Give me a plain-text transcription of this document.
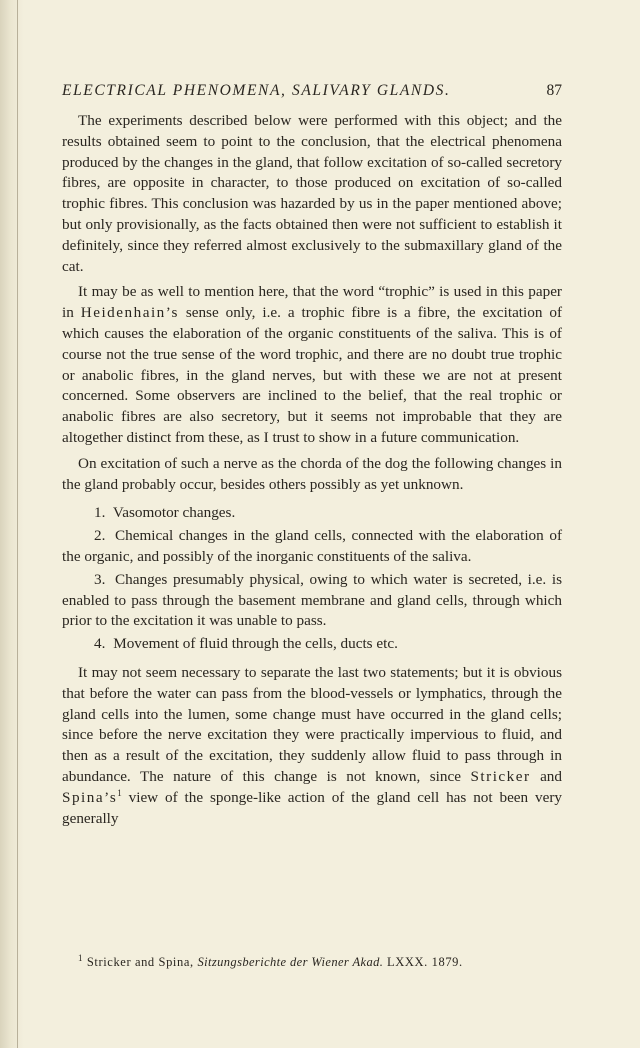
ELECTRICAL PHENOMENA, SALIVARY GLANDS.	87

The experiments described below were performed with this object; and the results obtained seem to point to the conclusion, that the electrical phenomena produced by the changes in the gland, that follow excitation of so-called secretory fibres, are opposite in character, to those produced on excitation of so-called trophic fibres. This conclusion was hazarded by us in the paper mentioned above; but only provisionally, as the facts obtained then were not sufficient to establish it definitely, since they referred almost exclusively to the submaxillary gland of the cat.

It may be as well to mention here, that the word “trophic” is used in this paper in Heidenhain’s sense only, i.e. a trophic fibre is a fibre, the excitation of which causes the elaboration of the organic constituents of the saliva. This is of course not the true sense of the word trophic, and there are no doubt true trophic or anabolic fibres, in the gland nerves, but with these we are not at present concerned. Some observers are inclined to the belief, that the real trophic or anabolic fibres are also secretory, but it seems not improbable that they are altogether distinct from these, as I trust to show in a future communication.

On excitation of such a nerve as the chorda of the dog the following changes in the gland probably occur, besides others possibly as yet unknown.

1. Vasomotor changes.
2. Chemical changes in the gland cells, connected with the elaboration of the organic, and possibly of the inorganic constituents of the saliva.
3. Changes presumably physical, owing to which water is secreted, i.e. is enabled to pass through the basement membrane and gland cells, through which prior to the excitation it was unable to pass.
4. Movement of fluid through the cells, ducts etc.

It may not seem necessary to separate the last two statements; but it is obvious that before the water can pass from the blood-vessels or lymphatics, through the gland cells into the lumen, some change must have occurred in the gland cells; since before the nerve excitation they were practically impervious to fluid, and then as a result of the excitation, they suddenly allow fluid to pass through in abundance. The nature of this change is not known, since Stricker and $Spina’s^1$ view of the sponge-like action of the gland cell has not been very generally

$^1$ Stricker and Spina, Sitzungsberichte der Wiener Akad. LXXX. 1879.
